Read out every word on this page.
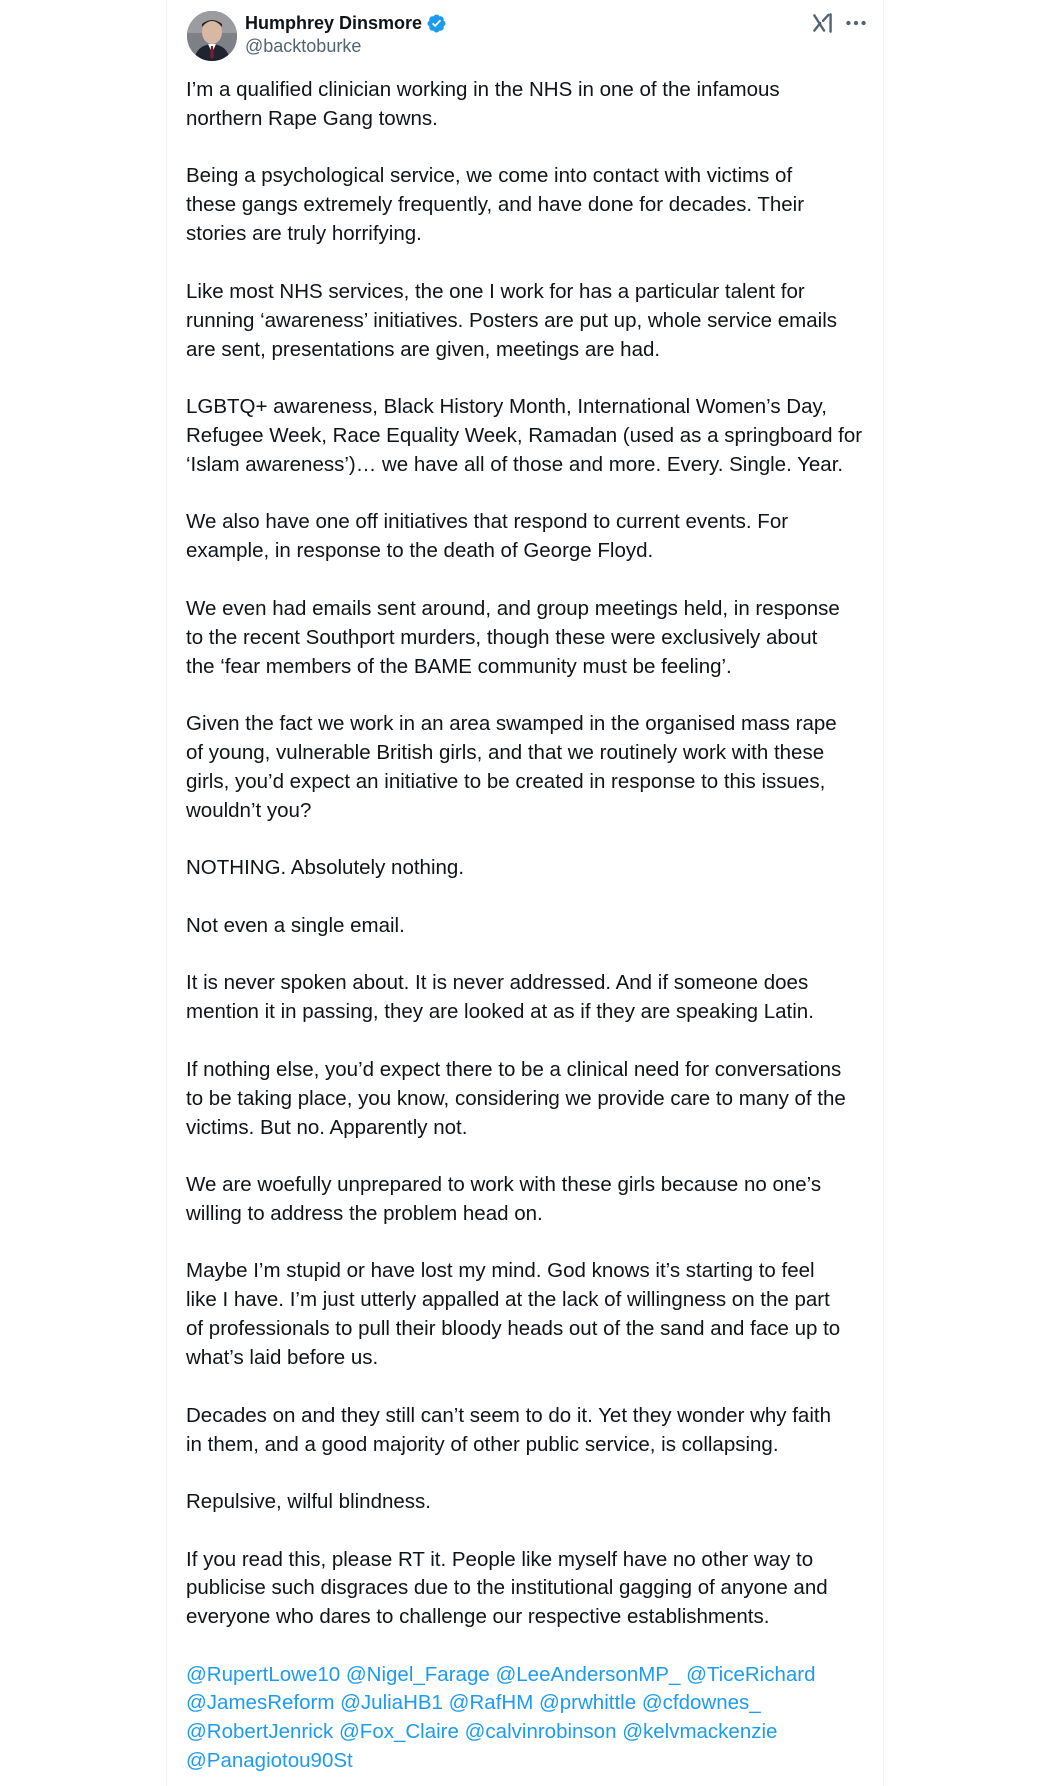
Humphrey Dinsmore
@backtoburke

I’m a qualified clinician working in the NHS in one of the infamous
northern Rape Gang towns.

Being a psychological service, we come into contact with victims of
these gangs extremely frequently, and have done for decades. Their
stories are truly horrifying.

Like most NHS services, the one I work for has a particular talent for
running ‘awareness’ initiatives. Posters are put up, whole service emails
are sent, presentations are given, meetings are had.

LGBTQ+ awareness, Black History Month, International Women’s Day,
Refugee Week, Race Equality Week, Ramadan (used as a springboard for
‘Islam awareness’)… we have all of those and more. Every. Single. Year.

We also have one off initiatives that respond to current events. For
example, in response to the death of George Floyd.

We even had emails sent around, and group meetings held, in response
to the recent Southport murders, though these were exclusively about
the ‘fear members of the BAME community must be feeling’.

Given the fact we work in an area swamped in the organised mass rape
of young, vulnerable British girls, and that we routinely work with these
girls, you’d expect an initiative to be created in response to this issues,
wouldn’t you?

NOTHING. Absolutely nothing.

Not even a single email.

It is never spoken about. It is never addressed. And if someone does
mention it in passing, they are looked at as if they are speaking Latin.

If nothing else, you’d expect there to be a clinical need for conversations
to be taking place, you know, considering we provide care to many of the
victims. But no. Apparently not.

We are woefully unprepared to work with these girls because no one’s
willing to address the problem head on.

Maybe I’m stupid or have lost my mind. God knows it’s starting to feel
like I have. I’m just utterly appalled at the lack of willingness on the part
of professionals to pull their bloody heads out of the sand and face up to
what’s laid before us.

Decades on and they still can’t seem to do it. Yet they wonder why faith
in them, and a good majority of other public service, is collapsing.

Repulsive, wilful blindness.

If you read this, please RT it. People like myself have no other way to
publicise such disgraces due to the institutional gagging of anyone and
everyone who dares to challenge our respective establishments.

@RupertLowe10 @Nigel_Farage @LeeAndersonMP_ @TiceRichard
@JamesReform @JuliaHB1 @RafHM @prwhittle @cfdownes_
@RobertJenrick @Fox_Claire @calvinrobinson @kelvmackenzie
@Panagiotou90St
